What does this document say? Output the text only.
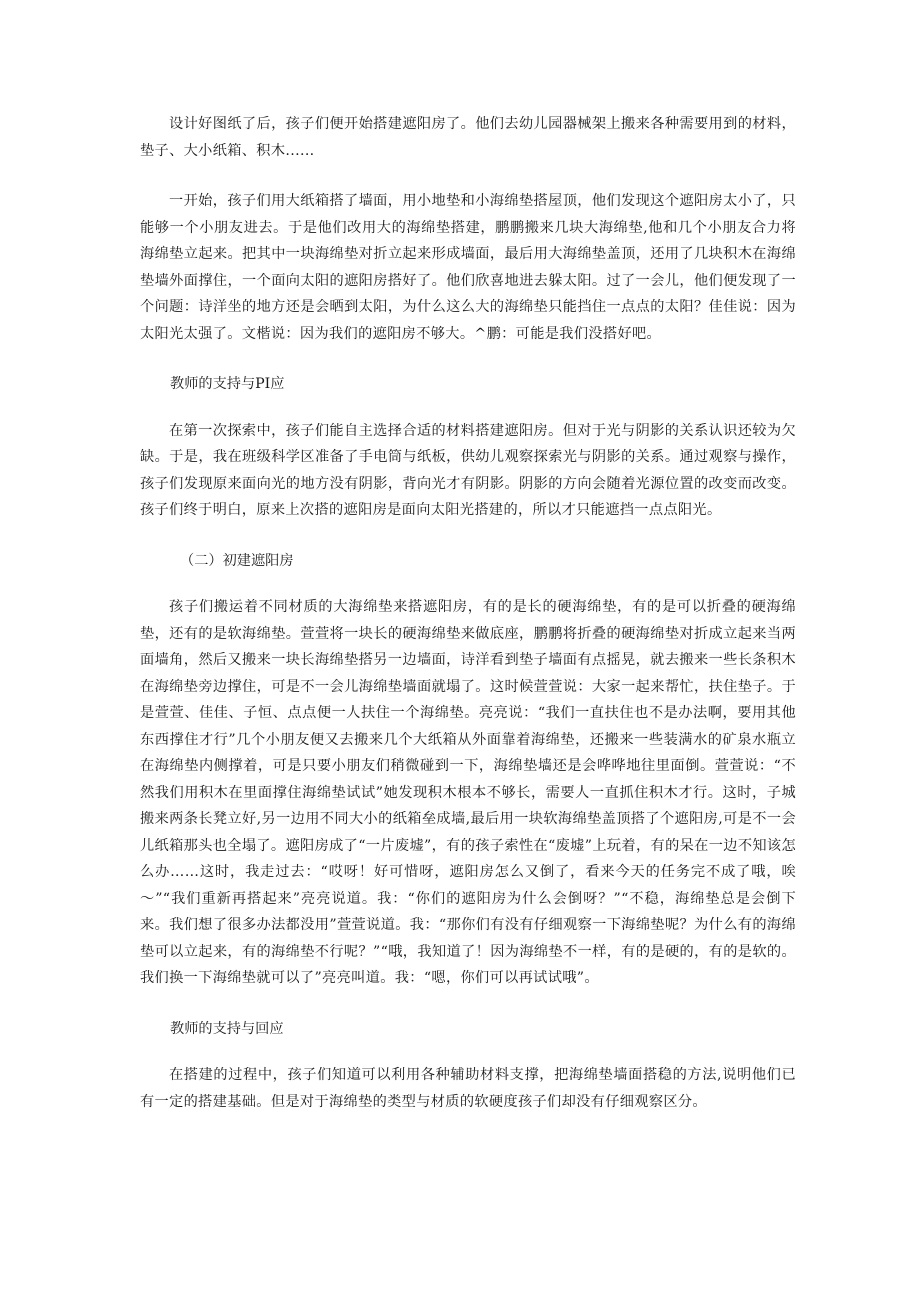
设计好图纸了后，孩子们便开始搭建遮阳房了。他们去幼儿园器械架上搬来各种需要用到的材料，垫子、大小纸箱、积木......

一开始，孩子们用大纸箱搭了墙面，用小地垫和小海绵垫搭屋顶，他们发现这个遮阳房太小了，只能够一个小朋友进去。于是他们改用大的海绵垫搭建，鹏鹏搬来几块大海绵垫,他和几个小朋友合力将海绵垫立起来。把其中一块海绵垫对折立起来形成墙面，最后用大海绵垫盖顶，还用了几块积木在海绵垫墙外面撑住，一个面向太阳的遮阳房搭好了。他们欣喜地进去躲太阳。过了一会儿，他们便发现了一个问题：诗洋坐的地方还是会晒到太阳，为什么这么大的海绵垫只能挡住一点点的太阳？佳佳说：因为太阳光太强了。文楷说：因为我们的遮阳房不够大。^鹏：可能是我们没搭好吧。

教师的支持与PI应

在第一次探索中，孩子们能自主选择合适的材料搭建遮阳房。但对于光与阴影的关系认识还较为欠缺。于是，我在班级科学区准备了手电筒与纸板，供幼儿观察探索光与阴影的关系。通过观察与操作，孩子们发现原来面向光的地方没有阴影，背向光才有阴影。阴影的方向会随着光源位置的改变而改变。孩子们终于明白，原来上次搭的遮阳房是面向太阳光搭建的，所以才只能遮挡一点点阳光。

（二）初建遮阳房

孩子们搬运着不同材质的大海绵垫来搭遮阳房，有的是长的硬海绵垫，有的是可以折叠的硬海绵垫，还有的是软海绵垫。萱萱将一块长的硬海绵垫来做底座，鹏鹏将折叠的硬海绵垫对折成立起来当两面墙角，然后又搬来一块长海绵垫搭另一边墙面，诗洋看到垫子墙面有点摇晃，就去搬来一些长条积木在海绵垫旁边撑住，可是不一会儿海绵垫墙面就塌了。这时候萱萱说：大家一起来帮忙，扶住垫子。于是萱萱、佳佳、子恒、点点便一人扶住一个海绵垫。亮亮说：“我们一直扶住也不是办法啊，要用其他东西撑住才行”几个小朋友便又去搬来几个大纸箱从外面靠着海绵垫，还搬来一些装满水的矿泉水瓶立在海绵垫内侧撑着，可是只要小朋友们稍微碰到一下，海绵垫墙还是会哗哗地往里面倒。萱萱说：“不然我们用积木在里面撑住海绵垫试试”她发现积木根本不够长，需要人一直抓住积木才行。这时，子城搬来两条长凳立好,另一边用不同大小的纸箱垒成墙,最后用一块软海绵垫盖顶搭了个遮阳房,可是不一会儿纸箱那头也全塌了。遮阳房成了“一片废墟”，有的孩子索性在“废墟”上玩着，有的呆在一边不知该怎么办……这时，我走过去：“哎呀！好可惜呀，遮阳房怎么又倒了，看来今天的任务完不成了哦，唉～”“我们重新再搭起来”亮亮说道。我：“你们的遮阳房为什么会倒呀？”“不稳，海绵垫总是会倒下来。我们想了很多办法都没用”萱萱说道。我：“那你们有没有仔细观察一下海绵垫呢？为什么有的海绵垫可以立起来，有的海绵垫不行呢？”“哦，我知道了！因为海绵垫不一样，有的是硬的，有的是软的。我们换一下海绵垫就可以了”亮亮叫道。我：“嗯，你们可以再试试哦”。

教师的支持与回应

在搭建的过程中，孩子们知道可以利用各种辅助材料支撑，把海绵垫墙面搭稳的方法,说明他们已有一定的搭建基础。但是对于海绵垫的类型与材质的软硬度孩子们却没有仔细观察区分。
